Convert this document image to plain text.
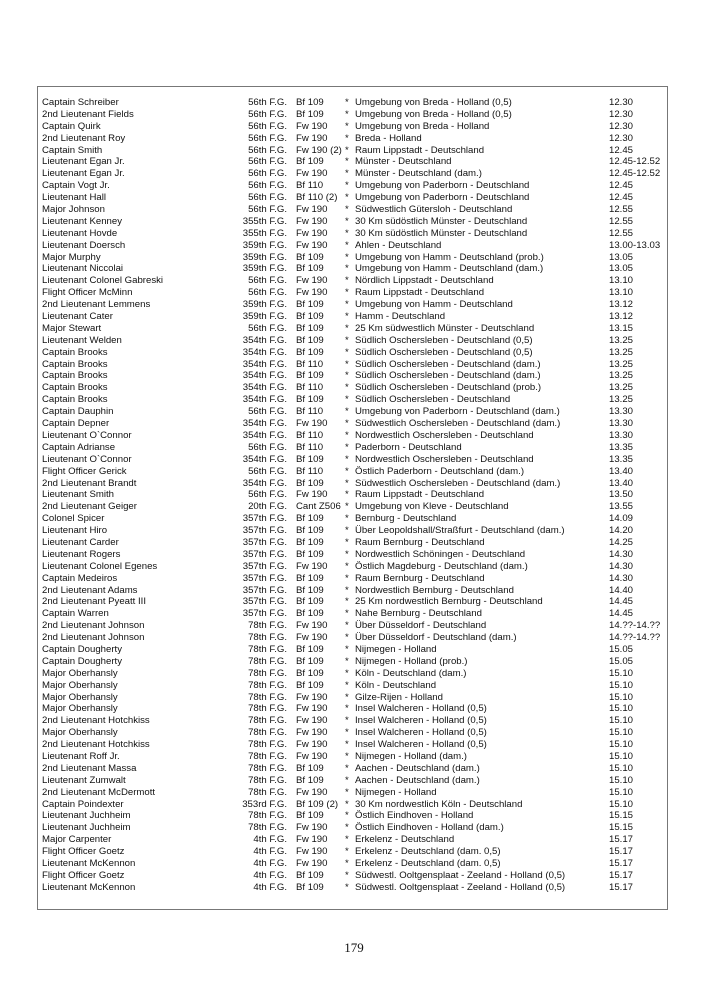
Captain Schreiber	56th F.G. Bf 109 * Umgebung von Breda - Holland (0,5)	12.30
2nd Lieutenant Fields	56th F.G. Bf 109 * Umgebung von Breda - Holland (0,5)	12.30
Captain Quirk	56th F.G. Fw 190 * Umgebung von Breda - Holland	12.30
2nd Lieutenant Roy	56th F.G. Fw 190 * Breda - Holland	12.30
Captain Smith	56th F.G. Fw 190 (2) * Raum Lippstadt - Deutschland	12.45
Lieutenant Egan Jr.	56th F.G. Bf 109 * Münster - Deutschland	12.45-12.52
Lieutenant Egan Jr.	56th F.G. Fw 190 * Münster - Deutschland (dam.)	12.45-12.52
Captain Vogt Jr.	56th F.G. Bf 110 * Umgebung von Paderborn - Deutschland	12.45
Lieutenant Hall	56th F.G. Bf 110 (2) * Umgebung von Paderborn - Deutschland	12.45
Major Johnson	56th F.G. Fw 190 * Südwestlich Gütersloh - Deutschland	12.55
Lieutenant Kenney	355th F.G. Fw 190 * 30 Km südöstlich Münster - Deutschland	12.55
Lieutenant Hovde	355th F.G. Fw 190 * 30 Km südöstlich Münster - Deutschland	12.55
Lieutenant Doersch	359th F.G. Fw 190 * Ahlen - Deutschland	13.00-13.03
Major Murphy	359th F.G. Bf 109 * Umgebung von Hamm - Deutschland (prob.)	13.05
Lieutenant Niccolai	359th F.G. Bf 109 * Umgebung von Hamm - Deutschland (dam.)	13.05
Lieutenant Colonel Gabreski	56th F.G. Fw 190 * Nördlich Lippstadt - Deutschland	13.10
Flight Officer McMinn	56th F.G. Fw 190 * Raum Lippstadt - Deutschland	13.10
2nd Lieutenant Lemmens	359th F.G. Bf 109 * Umgebung von Hamm - Deutschland	13.12
Lieutenant Cater	359th F.G. Bf 109 * Hamm - Deutschland	13.12
Major Stewart	56th F.G. Bf 109 * 25 Km südwestlich Münster - Deutschland	13.15
Lieutenant Welden	354th F.G. Bf 109 * Südlich Oschersleben - Deutschland (0,5)	13.25
Captain Brooks	354th F.G. Bf 109 * Südlich Oschersleben - Deutschland (0,5)	13.25
Captain Brooks	354th F.G. Bf 110 * Südlich Oschersleben - Deutschland (dam.)	13.25
Captain Brooks	354th F.G. Bf 109 * Südlich Oschersleben - Deutschland (dam.)	13.25
Captain Brooks	354th F.G. Bf 110 * Südlich Oschersleben - Deutschland (prob.)	13.25
Captain Brooks	354th F.G. Bf 109 * Südlich Oschersleben - Deutschland	13.25
Captain Dauphin	56th F.G. Bf 110 * Umgebung von Paderborn - Deutschland (dam.)	13.30
Captain Depner	354th F.G. Fw 190 * Südwestlich Oschersleben - Deutschland (dam.)	13.30
Lieutenant O`Connor	354th F.G. Bf 110 * Nordwestlich Oschersleben - Deutschland	13.30
Captain Adrianse	56th F.G. Bf 110 * Paderborn - Deutschland	13.35
Lieutenant O`Connor	354th F.G. Bf 109 * Nordwestlich Oschersleben - Deutschland	13.35
Flight Officer Gerick	56th F.G. Bf 110 * Östlich Paderborn - Deutschland (dam.)	13.40
2nd Lieutenant Brandt	354th F.G. Bf 109 * Südwestlich Oschersleben - Deutschland (dam.)	13.40
Lieutenant Smith	56th F.G. Fw 190 * Raum Lippstadt - Deutschland	13.50
2nd Lieutenant Geiger	20th F.G. Cant Z506 * Umgebung von Kleve - Deutschland	13.55
Colonel Spicer	357th F.G. Bf 109 * Bernburg - Deutschland	14.09
Lieutenant Hiro	357th F.G. Bf 109 * Über Leopoldshall/Straßfurt - Deutschland (dam.)	14.20
Lieutenant Carder	357th F.G. Bf 109 * Raum Bernburg - Deutschland	14.25
Lieutenant Rogers	357th F.G. Bf 109 * Nordwestlich Schöningen - Deutschland	14.30
Lieutenant Colonel Egenes	357th F.G. Fw 190 * Östlich Magdeburg - Deutschland (dam.)	14.30
Captain Medeiros	357th F.G. Bf 109 * Raum Bernburg - Deutschland	14.30
2nd Lieutenant Adams	357th F.G. Bf 109 * Nordwestlich Bernburg - Deutschland	14.40
2nd Lieutenant Pyeatt III	357th F.G. Bf 109 * 25 Km nordwestlich Bernburg - Deutschland	14.45
Captain Warren	357th F.G. Bf 109 * Nahe Bernburg - Deutschland	14.45
2nd Lieutenant Johnson	78th F.G. Fw 190 * Über Düsseldorf - Deutschland	14.??-14.??
2nd Lieutenant Johnson	78th F.G. Fw 190 * Über Düsseldorf - Deutschland (dam.)	14.??-14.??
Captain Dougherty	78th F.G. Bf 109 * Nijmegen - Holland	15.05
Captain Dougherty	78th F.G. Bf 109 * Nijmegen - Holland (prob.)	15.05
Major Oberhansly	78th F.G. Bf 109 * Köln - Deutschland (dam.)	15.10
Major Oberhansly	78th F.G. Bf 109 * Köln - Deutschland	15.10
Major Oberhansly	78th F.G. Fw 190 * Gilze-Rijen - Holland	15.10
Major Oberhansly	78th F.G. Fw 190 * Insel Walcheren - Holland (0,5)	15.10
2nd Lieutenant Hotchkiss	78th F.G. Fw 190 * Insel Walcheren - Holland (0,5)	15.10
Major Oberhansly	78th F.G. Fw 190 * Insel Walcheren - Holland (0,5)	15.10
2nd Lieutenant Hotchkiss	78th F.G. Fw 190 * Insel Walcheren - Holland (0,5)	15.10
Lieutenant Roff Jr.	78th F.G. Fw 190 * Nijmegen - Holland (dam.)	15.10
2nd Lieutenant Massa	78th F.G. Bf 109 * Aachen - Deutschland (dam.)	15.10
Lieutenant Zumwalt	78th F.G. Bf 109 * Aachen - Deutschland (dam.)	15.10
2nd Lieutenant McDermott	78th F.G. Fw 190 * Nijmegen - Holland	15.10
Captain Poindexter	353rd F.G. Bf 109 (2) * 30 Km nordwestlich Köln - Deutschland	15.10
Lieutenant Juchheim	78th F.G. Bf 109 * Östlich Eindhoven - Holland	15.15
Lieutenant Juchheim	78th F.G. Fw 190 * Östlich Eindhoven - Holland (dam.)	15.15
Major Carpenter	4th F.G. Fw 190 * Erkelenz - Deutschland	15.17
Flight Officer Goetz	4th F.G. Fw 190 * Erkelenz - Deutschland (dam. 0,5)	15.17
Lieutenant McKennon	4th F.G. Fw 190 * Erkelenz - Deutschland (dam. 0,5)	15.17
Flight Officer Goetz	4th F.G. Bf 109 * Südwestl. Ooltgensplaat - Zeeland - Holland (0,5)	15.17
Lieutenant McKennon	4th F.G. Bf 109 * Südwestl. Ooltgensplaat - Zeeland - Holland (0,5)	15.17
179
